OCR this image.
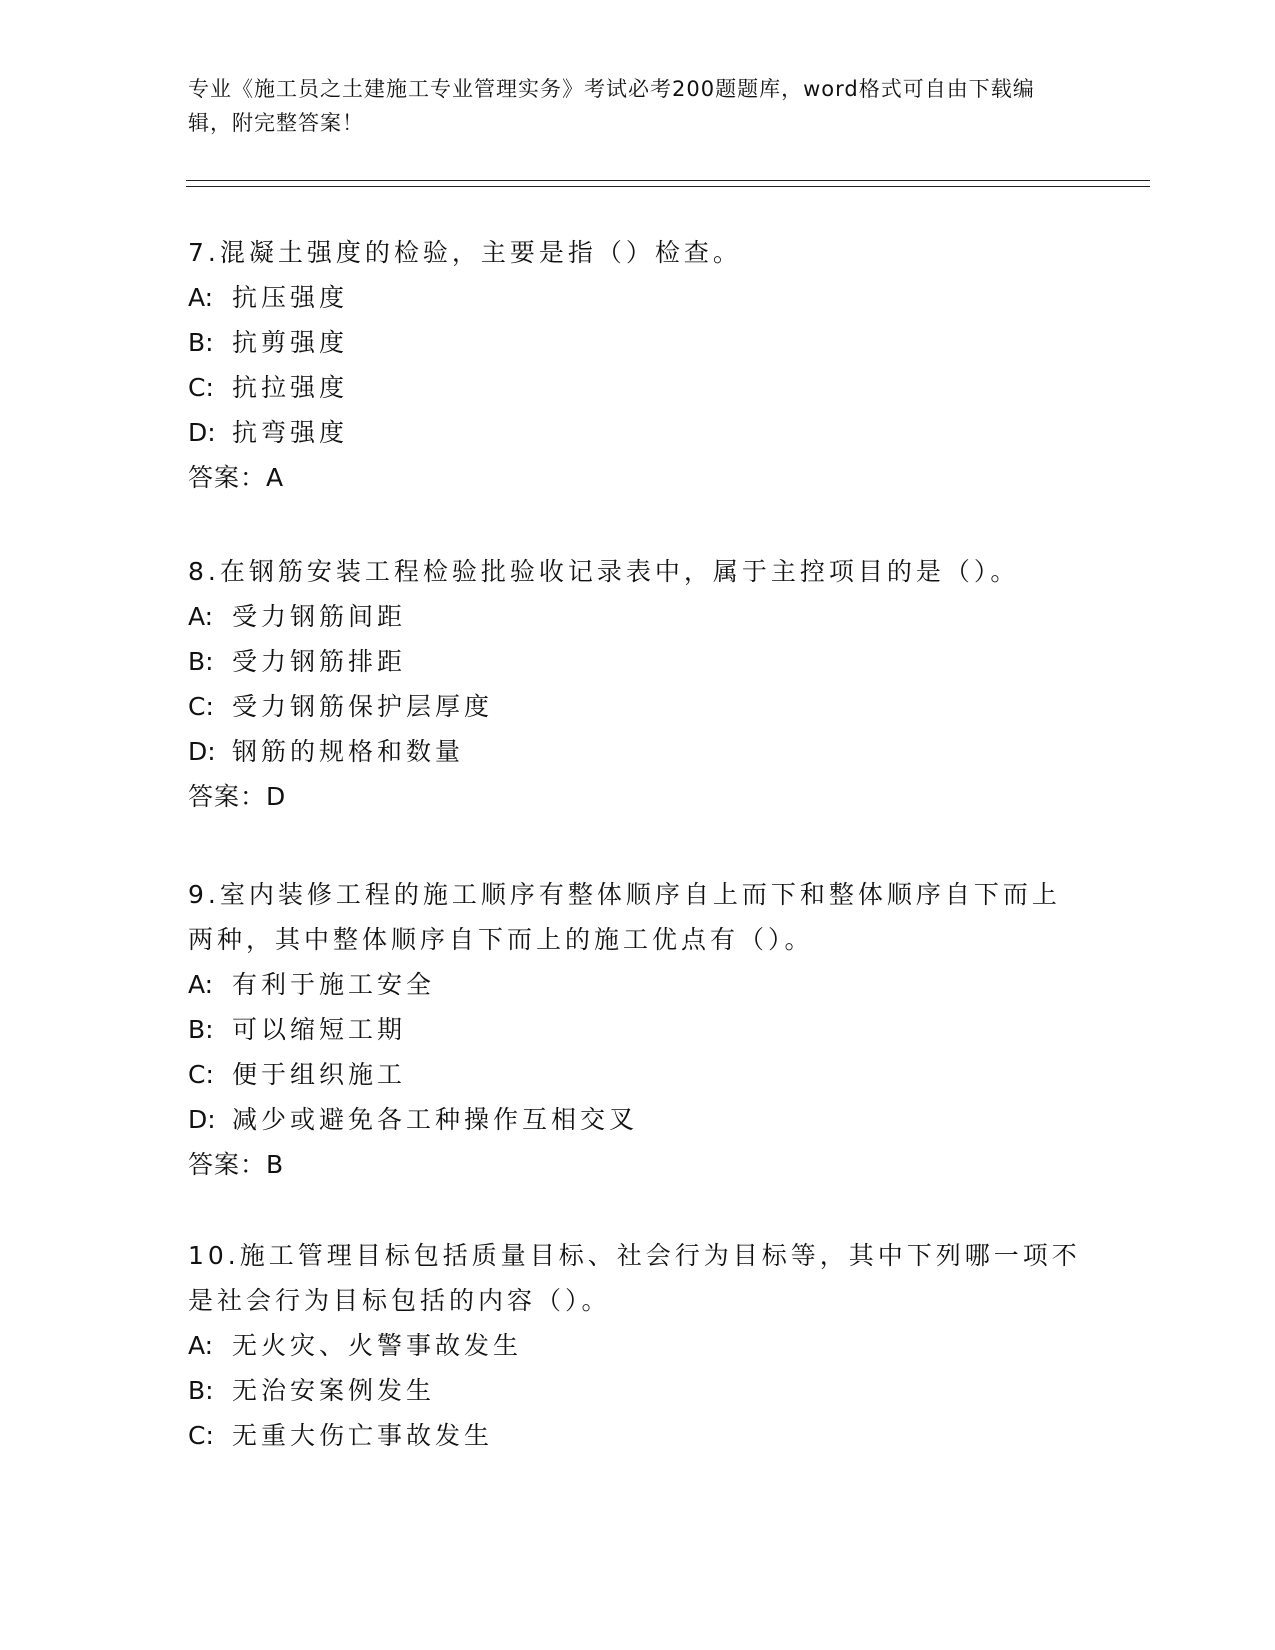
专业《施工员之土建施工专业管理实务》考试必考200题题库，word格式可自由下载编辑，附完整答案！
7.混凝土强度的检验，主要是指（）检查。
A: 抗压强度
B: 抗剪强度
C: 抗拉强度
D: 抗弯强度
答案：A
8.在钢筋安装工程检验批验收记录表中，属于主控项目的是（）。
A: 受力钢筋间距
B: 受力钢筋排距
C: 受力钢筋保护层厚度
D: 钢筋的规格和数量
答案：D
9.室内装修工程的施工顺序有整体顺序自上而下和整体顺序自下而上两种，其中整体顺序自下而上的施工优点有（）。
A: 有利于施工安全
B: 可以缩短工期
C: 便于组织施工
D: 减少或避免各工种操作互相交叉
答案：B
10.施工管理目标包括质量目标、社会行为目标等，其中下列哪一项不是社会行为目标包括的内容（）。
A: 无火灾、火警事故发生
B: 无治安案例发生
C: 无重大伤亡事故发生
